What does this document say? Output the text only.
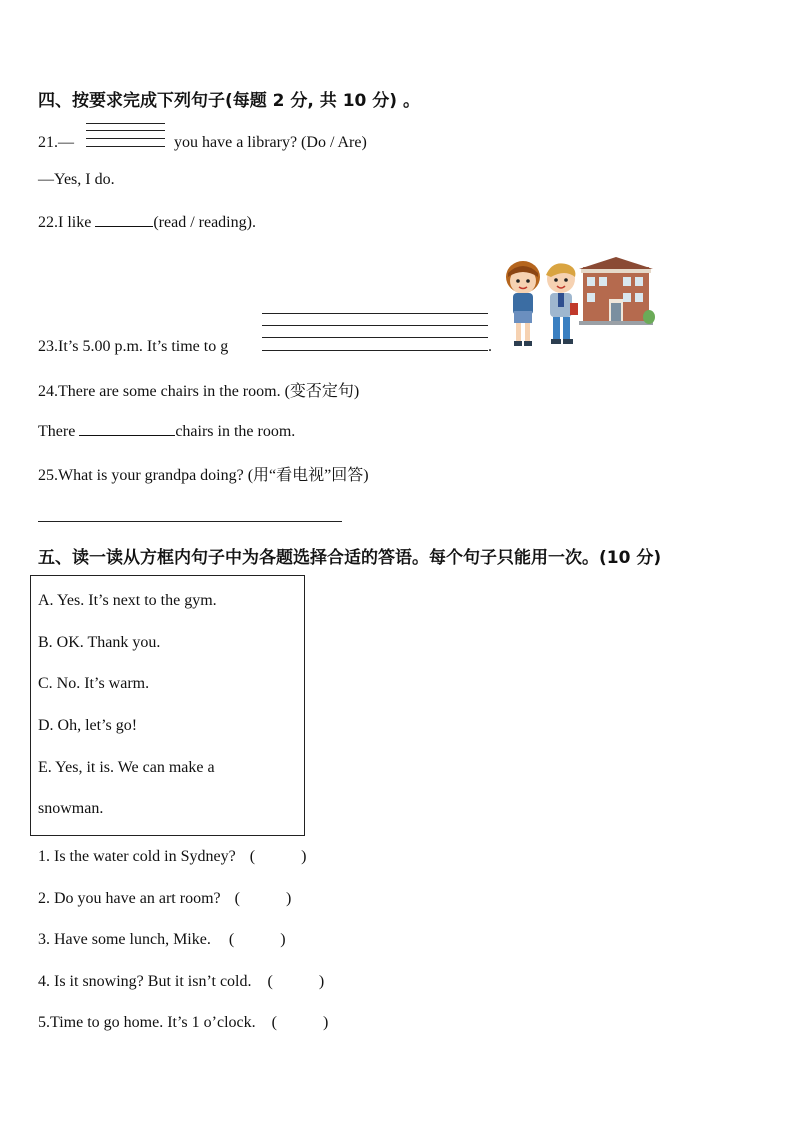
四、按要求完成下列句子(每题 2 分, 共 10 分) 。
21.—	you have a library? (Do / Are)
—Yes, I do.
22.I like	(read / reading).
23.It’s 5.00 p.m. It’s time to g	.
24.There are some chairs in the room. (变否定句)
There	chairs in the room.
25.What is your grandpa doing? (用“看电视”回答)
五、读一读从方框内句子中为各题选择合适的答语。每个句子只能用一次。(10 分)
A. Yes. It’s next to the gym.
B. OK. Thank you.
C. No. It’s warm.
D. Oh, let’s go!
E. Yes, it is. We can make a
snowman.
1. Is the water cold in Sydney? (	)
2. Do you have an art room? (	)
3. Have some lunch, Mike. (	)
4. Is it snowing? But it isn’t cold. (	)
5.Time to go home. It’s 1 o’clock. (	)
